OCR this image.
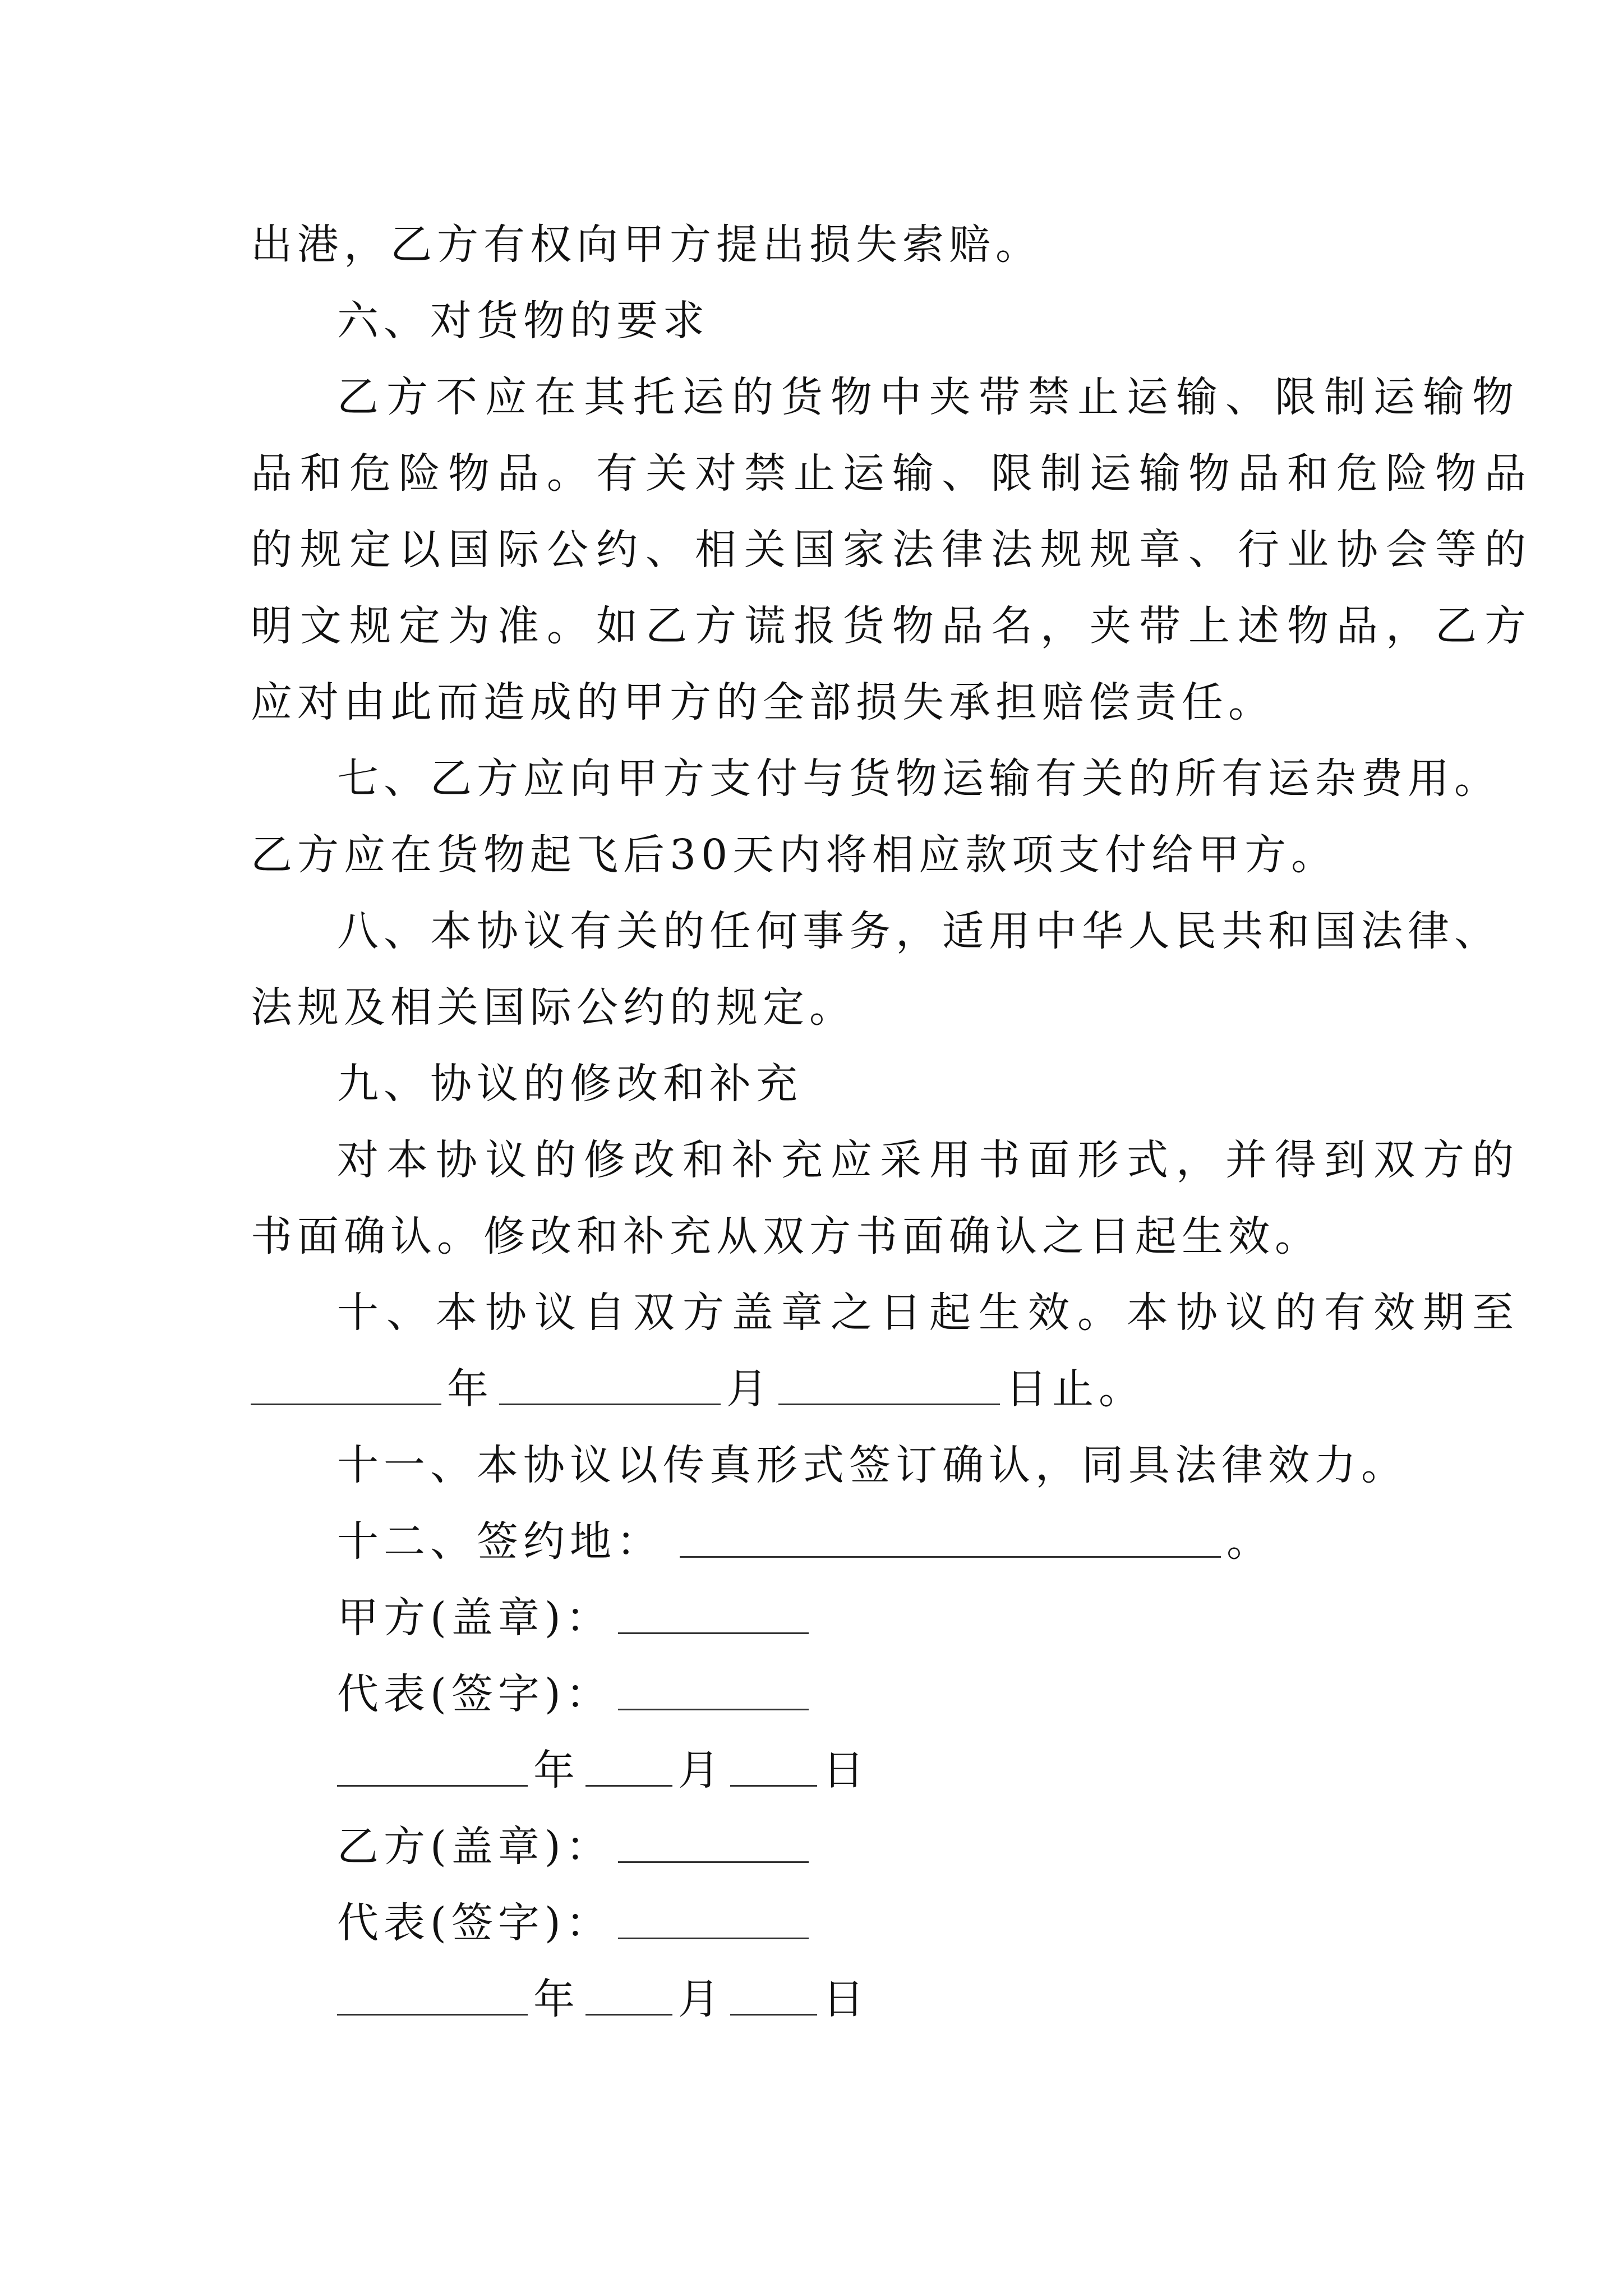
出港，乙方有权向甲方提出损失索赔。
六、对货物的要求
乙方不应在其托运的货物中夹带禁止运输、限制运输物
品和危险物品。有关对禁止运输、限制运输物品和危险物品
的规定以国际公约、相关国家法律法规规章、行业协会等的
明文规定为准。如乙方谎报货物品名，夹带上述物品，乙方
应对由此而造成的甲方的全部损失承担赔偿责任。
七、乙方应向甲方支付与货物运输有关的所有运杂费用。
乙方应在货物起飞后30天内将相应款项支付给甲方。
八、本协议有关的任何事务，适用中华人民共和国法律、
法规及相关国际公约的规定。
九、协议的修改和补充
对本协议的修改和补充应采用书面形式，并得到双方的
书面确认。修改和补充从双方书面确认之日起生效。
十、本协议自双方盖章之日起生效。本协议的有效期至
年	月	日止。
十一、本协议以传真形式签订确认，同具法律效力。
十二、签约地：	。
甲方(盖章)：
代表(签字)：
年 月 日
乙方(盖章)：
代表(签字)：
年 月 日
